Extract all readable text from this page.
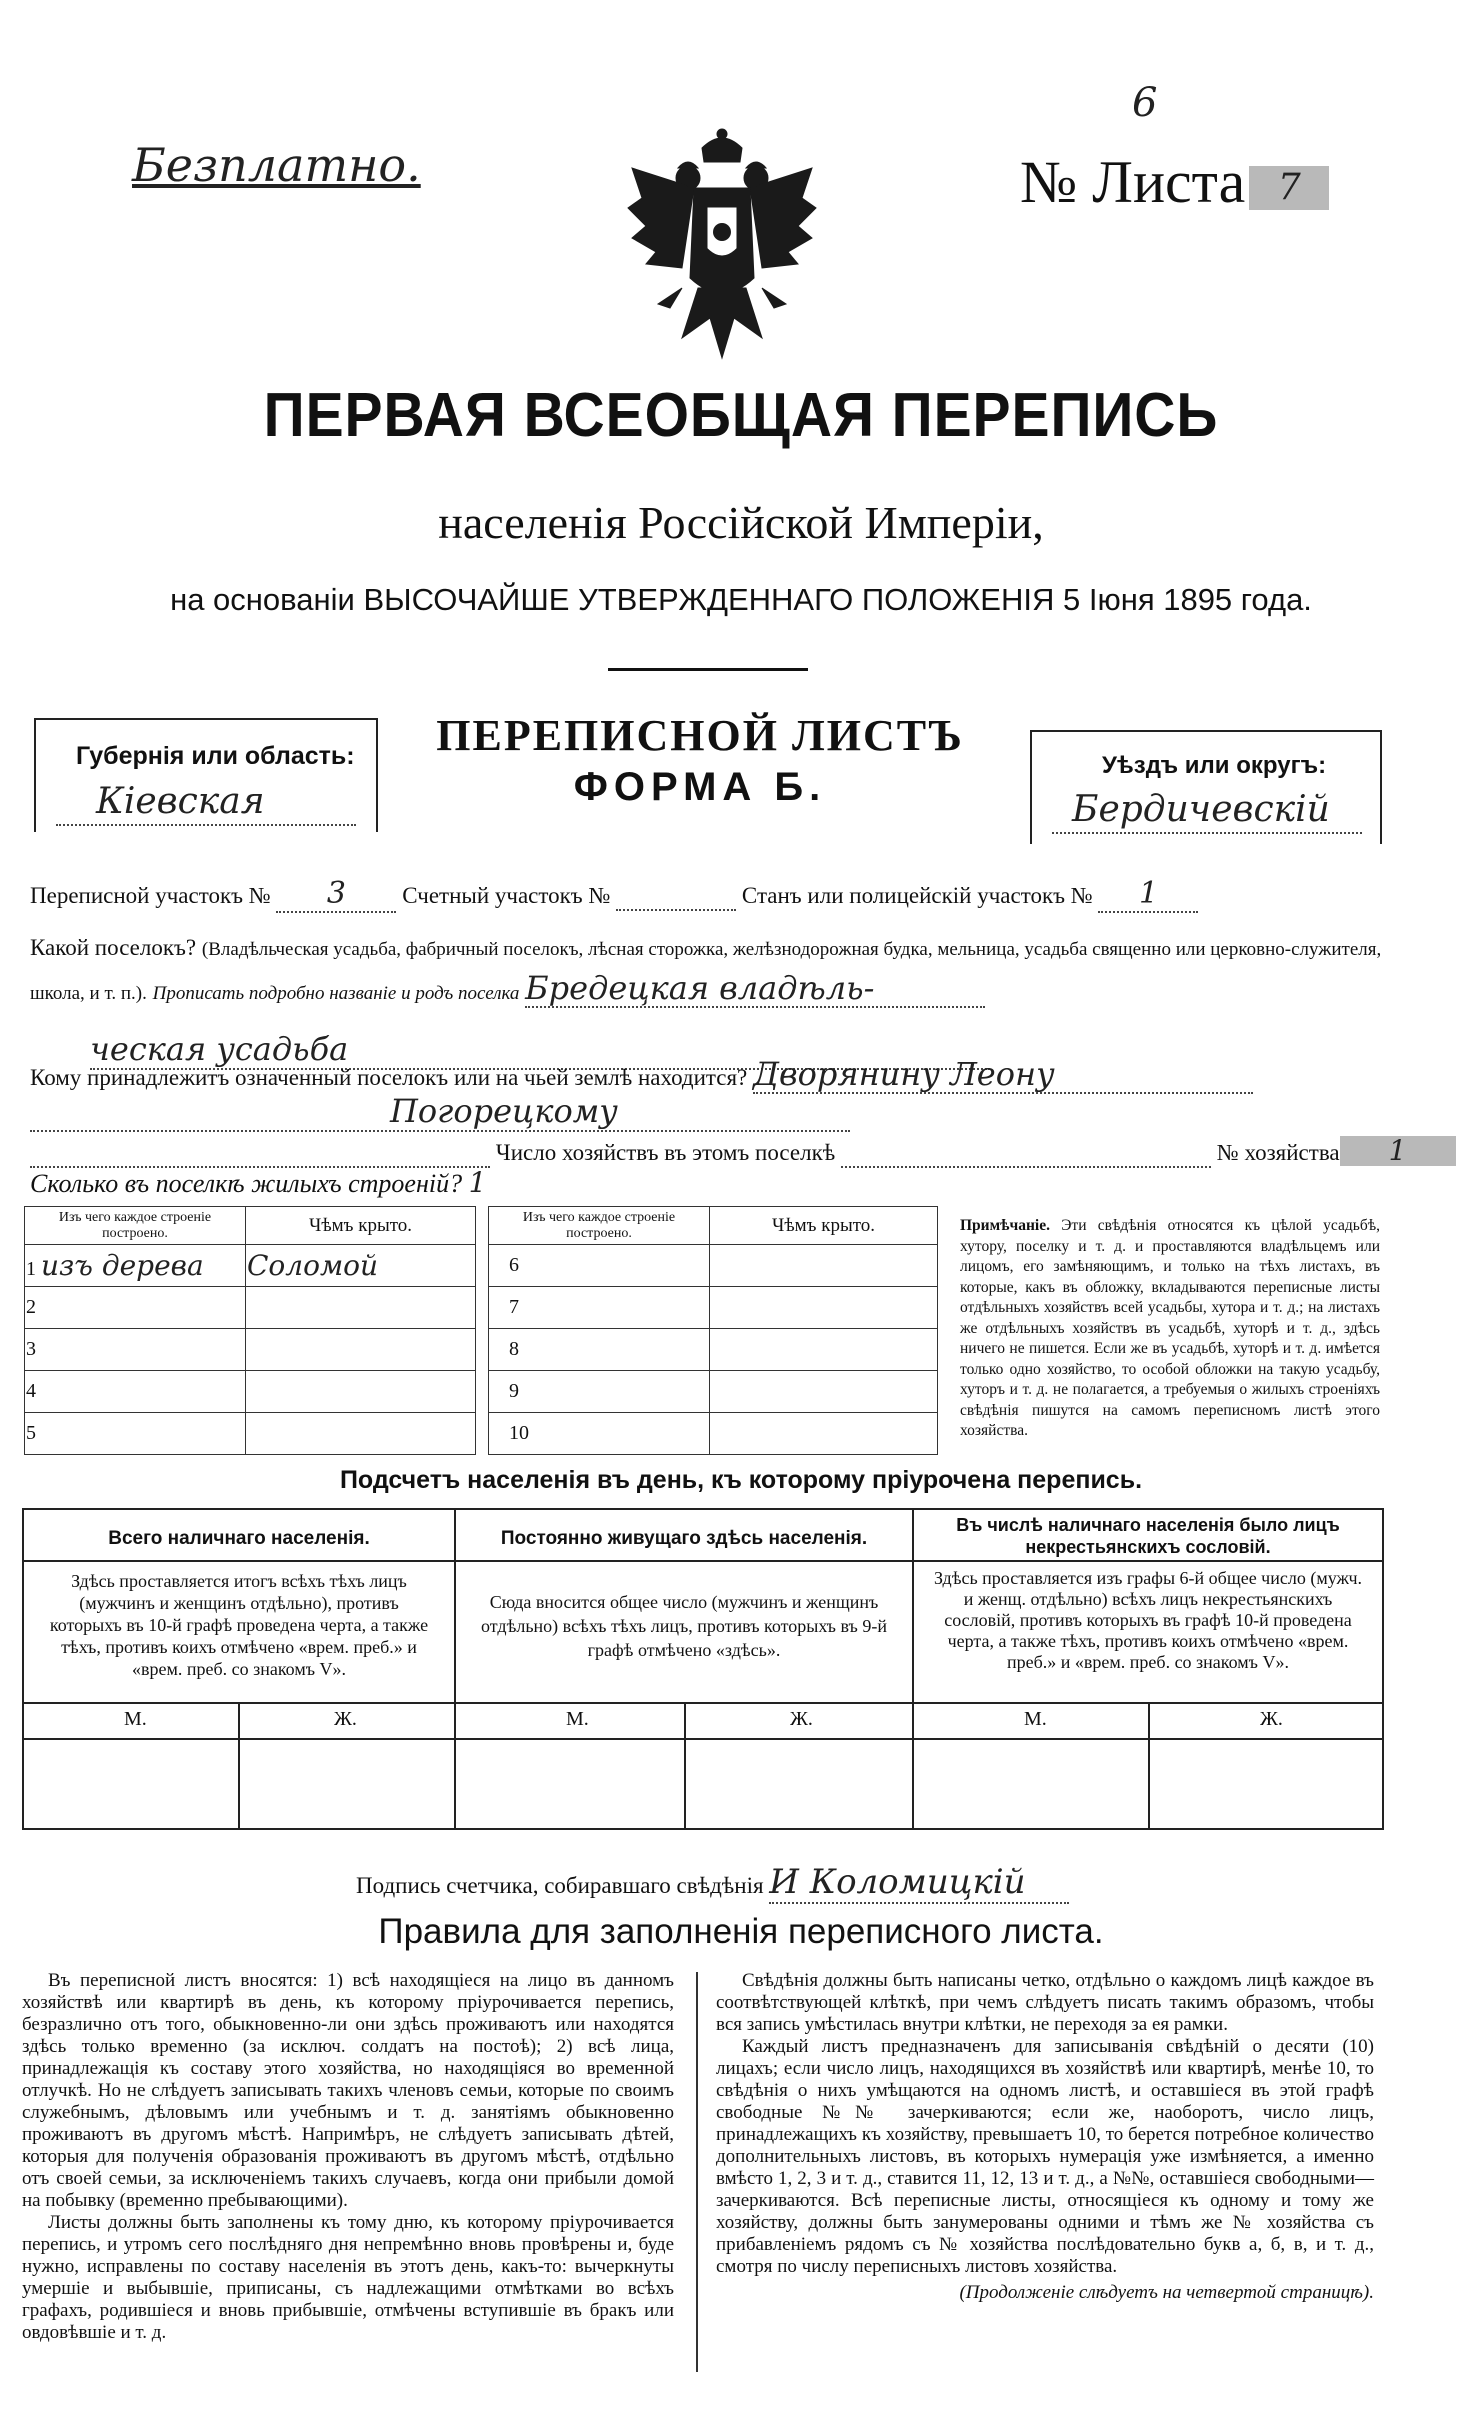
6
Безплатно.	№ Листа 7
ПЕРВАЯ ВСЕОБЩАЯ ПЕРЕПИСЬ
населенія Россійской Имперіи,
на основаніи ВЫСОЧАЙШЕ УТВЕРЖДЕННАГО ПОЛОЖЕНІЯ 5 Іюня 1895 года.
Губернія или область:
Кіевская
ПЕРЕПИСНОЙ ЛИСТЪ
ФОРМА Б.	Уѣздъ или округъ:
Бердичевскій
Переписной участокъ № 3 Счетный участокъ №	Станъ или полицейскій участокъ № 1
Какой поселокъ? (Владѣльческая усадьба, фабричный поселокъ, лѣсная сторожка, желѣзнодорожная будка, мельница, усадьба священно или церковно-служителя, школа, и т. п.). Прописать подробно названіе и родъ поселка Бредецкая владѣль-
ческая усадьба
Кому принадлежитъ означенный поселокъ или на чьей землѣ находится? Дворянину Леону
Погорецкому
Число хозяйствъ въ этомъ поселкѣ	№ хозяйства 1
Сколько въ поселкѣ жилыхъ строеній? 1
Изъ чего каждое строеніе построено.	Чѣмъ крыто.
1 изъ дерева	Соломой
2	
3	
4	
5	
Изъ чего каждое строеніе построено.	Чѣмъ крыто.
6	
7	
8	
9	
10	
Примѣчаніе. Эти свѣдѣнія относятся къ цѣлой усадьбѣ, хутору, поселку и т. д. и проставляются владѣльцемъ или лицомъ, его замѣняющимъ, и только на тѣхъ листахъ, въ которые, какъ въ обложку, вкладываются переписные листы отдѣльныхъ хозяйствъ всей усадьбы, хутора и т. д.; на листахъ же отдѣльныхъ хозяйствъ въ усадьбѣ, хуторѣ и т. д., здѣсь ничего не пишется. Если же въ усадьбѣ, хуторѣ и т. д. имѣется только одно хозяйство, то особой обложки на такую усадьбу, хуторъ и т. д. не полагается, а требуемыя о жилыхъ строеніяхъ свѣдѣнія пишутся на самомъ переписномъ листѣ этого хозяйства.
Подсчетъ населенія въ день, къ которому пріурочена перепись.
Всего наличнаго населенія.
Здѣсь проставляется итогъ всѣхъ тѣхъ лицъ (мужчинъ и женщинъ отдѣльно), противъ которыхъ въ 10-й графѣ проведена черта, а также тѣхъ, противъ коихъ отмѣчено «врем. преб.» и «врем. преб. со знакомъ V».
М.	Ж.
Постоянно живущаго здѣсь населенія.
Сюда вносится общее число (мужчинъ и женщинъ отдѣльно) всѣхъ тѣхъ лицъ, противъ которыхъ въ 9-й графѣ отмѣчено «здѣсь».
М.	Ж.
Въ числѣ наличнаго населенія было лицъ некрестьянскихъ сословій.
Здѣсь проставляется изъ графы 6-й общее число (мужч. и женщ. отдѣльно) всѣхъ лицъ некрестьянскихъ сословій, противъ которыхъ въ графѣ 10-й проведена черта, а также тѣхъ, противъ коихъ отмѣчено «врем. преб.» и «врем. преб. со знакомъ V».
М.	Ж.
Подпись счетчика, собиравшаго свѣдѣнія И Коломицкій
Правила для заполненія переписного листа.

Въ переписной листъ вносятся: 1) всѣ находящіеся на лицо въ данномъ хозяйствѣ или квартирѣ въ день, къ которому пріурочивается перепись, безразлично отъ того, обыкновенно-ли они здѣсь проживаютъ или находятся здѣсь только временно (за исключ. солдатъ на постоѣ); 2) всѣ лица, принадлежащія къ составу этого хозяйства, но находящіяся во временной отлучкѣ. Но не слѣдуетъ записывать такихъ членовъ семьи, которые по своимъ служебнымъ, дѣловымъ или учебнымъ и т. д. занятіямъ обыкновенно проживаютъ въ другомъ мѣстѣ. Напримѣръ, не слѣдуетъ записывать дѣтей, которыя для полученія образованія проживаютъ въ другомъ мѣстѣ, отдѣльно отъ своей семьи, за исключеніемъ такихъ случаевъ, когда они прибыли домой на побывку (временно пребывающими).

Листы должны быть заполнены къ тому дню, къ которому пріурочивается перепись, и утромъ сего послѣдняго дня непремѣнно вновь провѣрены и, буде нужно, исправлены по составу населенія въ этотъ день, какъ-то: вычеркнуты умершіе и выбывшіе, приписаны, съ надлежащими отмѣтками во всѣхъ графахъ, родившіеся и вновь прибывшіе, отмѣчены вступившіе въ бракъ или овдовѣвшіе и т. д.

Свѣдѣнія должны быть написаны четко, отдѣльно о каждомъ лицѣ каждое въ соотвѣтствующей клѣткѣ, при чемъ слѣдуетъ писать такимъ образомъ, чтобы вся запись умѣстилась внутри клѣтки, не переходя за ея рамки.

Каждый листъ предназначенъ для записыванія свѣдѣній о десяти (10) лицахъ; если число лицъ, находящихся въ хозяйствѣ или квартирѣ, менѣе 10, то свѣдѣнія о нихъ умѣщаются на одномъ листѣ, и оставшіеся въ этой графѣ свободные №№ зачеркиваются; если же, наоборотъ, число лицъ, принадлежащихъ къ хозяйству, превышаетъ 10, то берется потребное количество дополнительныхъ листовъ, въ которыхъ нумерація уже измѣняется, а именно вмѣсто 1, 2, 3 и т. д., ставится 11, 12, 13 и т. д., а №№, оставшіеся свободными—зачеркиваются. Всѣ переписные листы, относящіеся къ одному и тому же хозяйству, должны быть занумерованы одними и тѣмъ же № хозяйства съ прибавленіемъ рядомъ съ № хозяйства послѣдовательно букв а, б, в, и т. д., смотря по числу переписныхъ листовъ хозяйства.

(Продолженіе слѣдуетъ на четвертой страницѣ).
